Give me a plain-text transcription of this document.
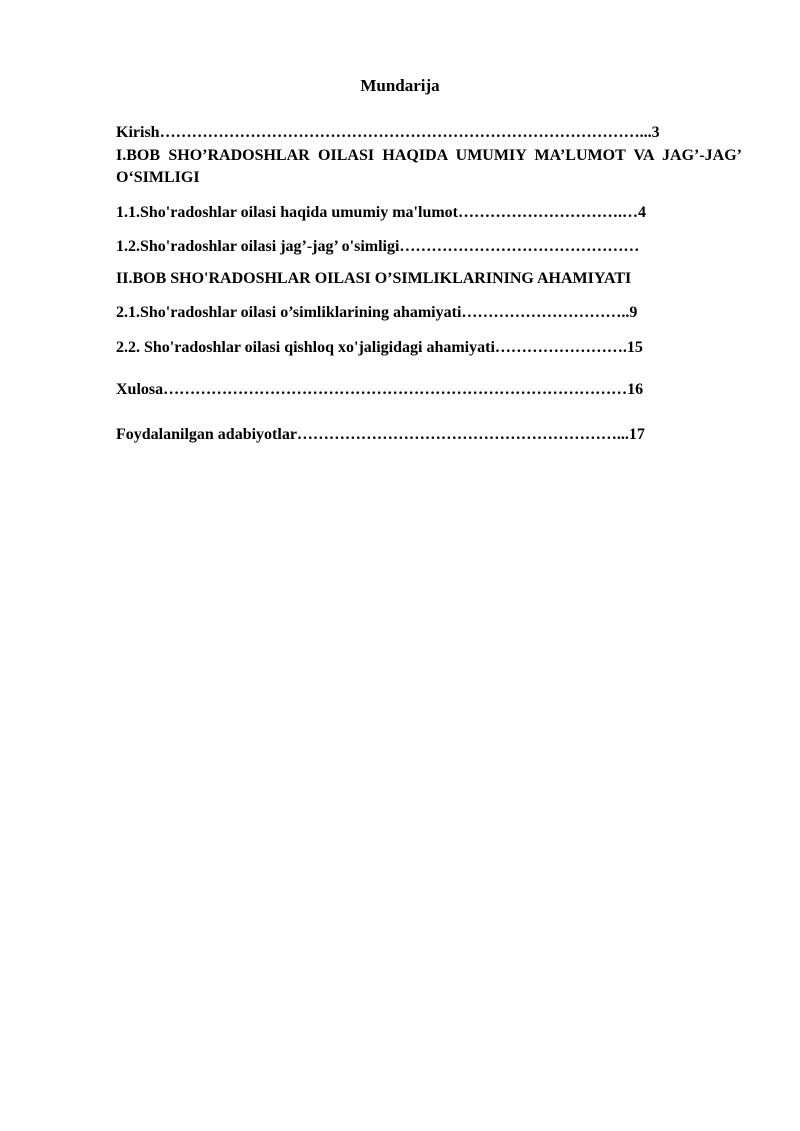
Mundarija

Kirish………………………………………………………………………………...3

I.BOB SHO’RADOSHLAR OILASI HAQIDA UMUMIY MA’LUMOT VA JAG’-JAG’ O‘SIMLIGI

1.1.Sho'radoshlar oilasi haqida umumiy ma'lumot………………………….…4

1.2.Sho'radoshlar oilasi jag’-jag’ o'simligi………………………………………

II.BOB SHO'RADOSHLAR OILASI O’SIMLIKLARINING AHAMIYATI

2.1.Sho'radoshlar oilasi o’simliklarining ahamiyati…………………………..9

2.2. Sho'radoshlar oilasi qishloq xo'jaligidagi ahamiyati…………………….15

Xulosa……………………………………………………………………………16

Foydalanilgan adabiyotlar……………………………………………………...17
